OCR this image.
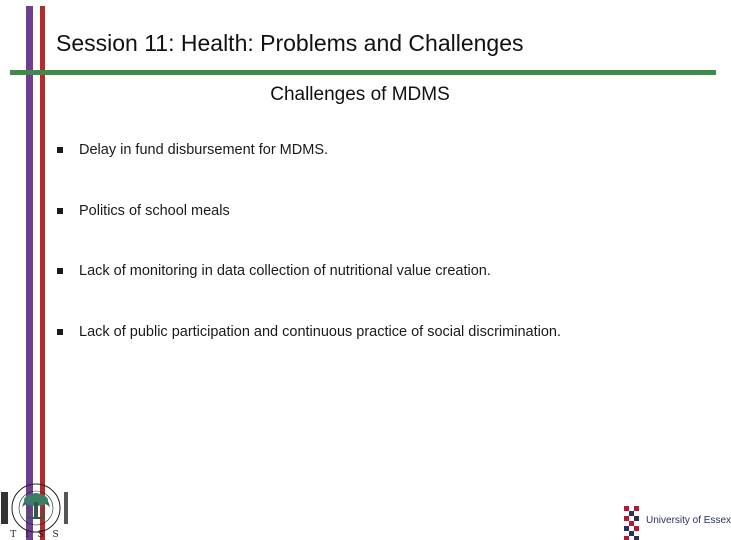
Session 11: Health: Problems and Challenges
Challenges of MDMS
Delay in fund disbursement for MDMS.
Politics of school meals
Lack of monitoring in data collection of nutritional value creation.
Lack of public participation and continuous practice of social discrimination.
T I S S
University of Essex
